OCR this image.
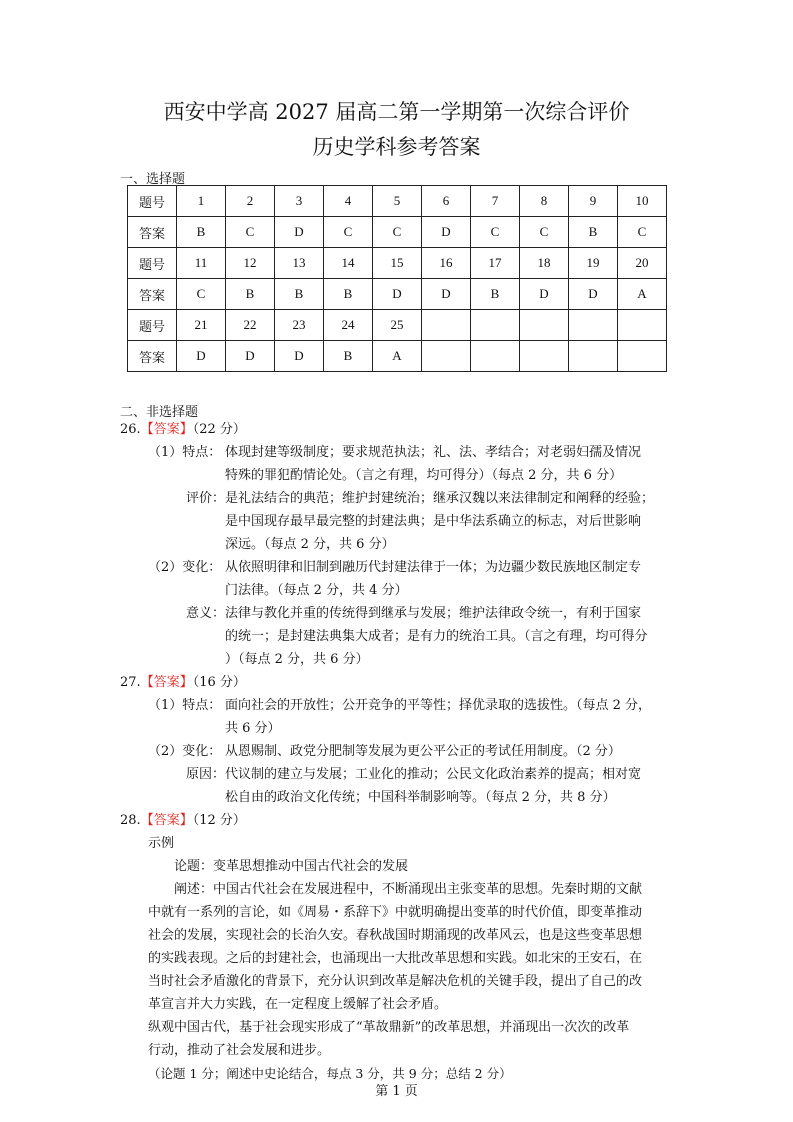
西安中学高 2027 届高二第一学期第一次综合评价
历史学科参考答案
一、选择题
题号	1	2	3	4	5	6	7	8	9	10
答案	B	C	D	C	C	D	C	C	B	C
题号	11	12	13	14	15	16	17	18	19	20
答案	C	B	B	B	D	D	B	D	D	A
题号	21	22	23	24	25					
答案	D	D	D	B	A					
二、非选择题
26.【答案】（22 分）
（1）特点： 体现封建等级制度；要求规范执法；礼、法、孝结合；对老弱妇孺及情况
特殊的罪犯酌情论处。（言之有理，均可得分）（每点 2 分，共 6 分）
评价： 是礼法结合的典范；维护封建统治；继承汉魏以来法律制定和阐释的经验；
是中国现存最早最完整的封建法典；是中华法系确立的标志，对后世影响
深远。（每点 2 分，共 6 分）
（2）变化： 从依照明律和旧制到融历代封建法律于一体；为边疆少数民族地区制定专
门法律。（每点 2 分，共 4 分）
意义： 法律与教化并重的传统得到继承与发展；维护法律政令统一，有利于国家
的统一；是封建法典集大成者；是有力的统治工具。（言之有理，均可得分
）（每点 2 分，共 6 分）
27.【答案】（16 分）
（1）特点： 面向社会的开放性；公开竞争的平等性；择优录取的选拔性。（每点 2 分，
共 6 分）
（2）变化： 从恩赐制、政党分肥制等发展为更公平公正的考试任用制度。（2 分）
原因： 代议制的建立与发展；工业化的推动；公民文化政治素养的提高；相对宽
松自由的政治文化传统；中国科举制影响等。（每点 2 分，共 8 分）
28.【答案】（12 分）
示例
论题：变革思想推动中国古代社会的发展
阐述：中国古代社会在发展进程中，不断涌现出主张变革的思想。先秦时期的文献
中就有一系列的言论，如《周易・系辞下》中就明确提出变革的时代价值，即变革推动
社会的发展，实现社会的长治久安。春秋战国时期涌现的改革风云，也是这些变革思想
的实践表现。之后的封建社会，也涌现出一大批改革思想和实践。如北宋的王安石，在
当时社会矛盾激化的背景下，充分认识到改革是解决危机的关键手段，提出了自己的改
革宣言并大力实践，在一定程度上缓解了社会矛盾。
纵观中国古代，基于社会现实形成了“革故鼎新”的改革思想，并涌现出一次次的改革
行动，推动了社会发展和进步。
（论题 1 分；阐述中史论结合，每点 3 分，共 9 分；总结 2 分）
第 1 页
